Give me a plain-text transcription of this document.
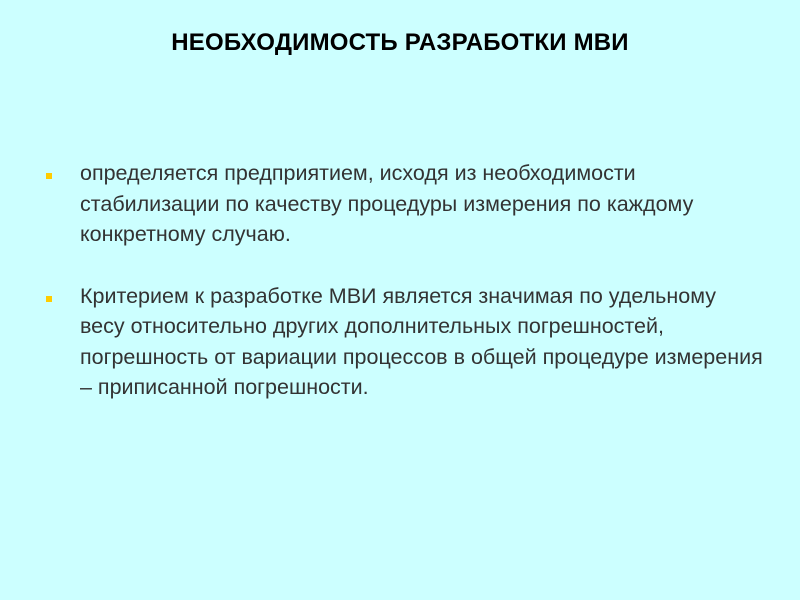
НЕОБХОДИМОСТЬ РАЗРАБОТКИ МВИ
определяется предприятием, исходя из необходимости стабилизации по качеству процедуры измерения по каждому конкретному случаю.
Критерием к разработке МВИ является значимая по удельному весу относительно других дополнительных погрешностей, погрешность от вариации процессов в общей процедуре измерения – приписанной погрешности.
